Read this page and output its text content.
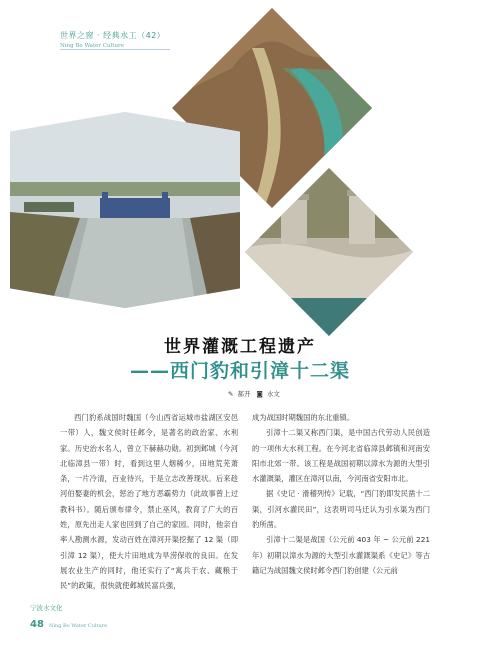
世界之窗 · 经典水工（42）
Ning Bo Water Culture
世界灌溉工程遗产
——西门豹和引漳十二渠
✎ 郝开 ◙ 水文

西门豹系战国时魏国（今山西省运城市盐湖区安邑一带）人，魏文侯时任邺令，是著名的政治家、水利家。历史治水名人，曾立下赫赫功勋。初到邺城（今河北临漳县一带）时，看到这里人烟稀少，田地荒芜萧条，一片冷清，百业待兴，于是立志改善现状。后来趁河伯娶妻的机会，惩治了地方恶霸势力（此故事曾上过教科书）。随后颁布律令，禁止巫风，教育了广大的百姓，原先出走人家也回到了自己的家园。同时，他亲自率人勘测水源，发动百姓在漳河开渠挖掘了 12 渠（即引漳 12 渠），使大片田地成为旱涝保收的良田。在发展农业生产的同时，他还实行了“寓兵于农、藏粮于民”的政策，很快就使邺城民富兵强，

成为战国时期魏国的东北重镇。

引漳十二渠又称西门渠，是中国古代劳动人民创造的一项伟大水利工程。在今河北省临漳县邺镇和河南安阳市北郊一带。该工程是战国初期以漳水为源的大型引水灌溉渠，灌区在漳河以南，今河南省安阳市北。

据《史记 · 滑稽列传》记载，“西门豹即发民凿十二渠，引河水灌民田”，这表明司马迁认为引水渠为西门豹所凿。

引漳十二渠是战国（公元前 403 年 ~ 公元前 221 年）初期以漳水为源的大型引水灌溉渠系《史记》等古籍记为战国魏文侯时邺令西门豹创建（公元前

宁波水文化
48 Ning Bo Water Culture
